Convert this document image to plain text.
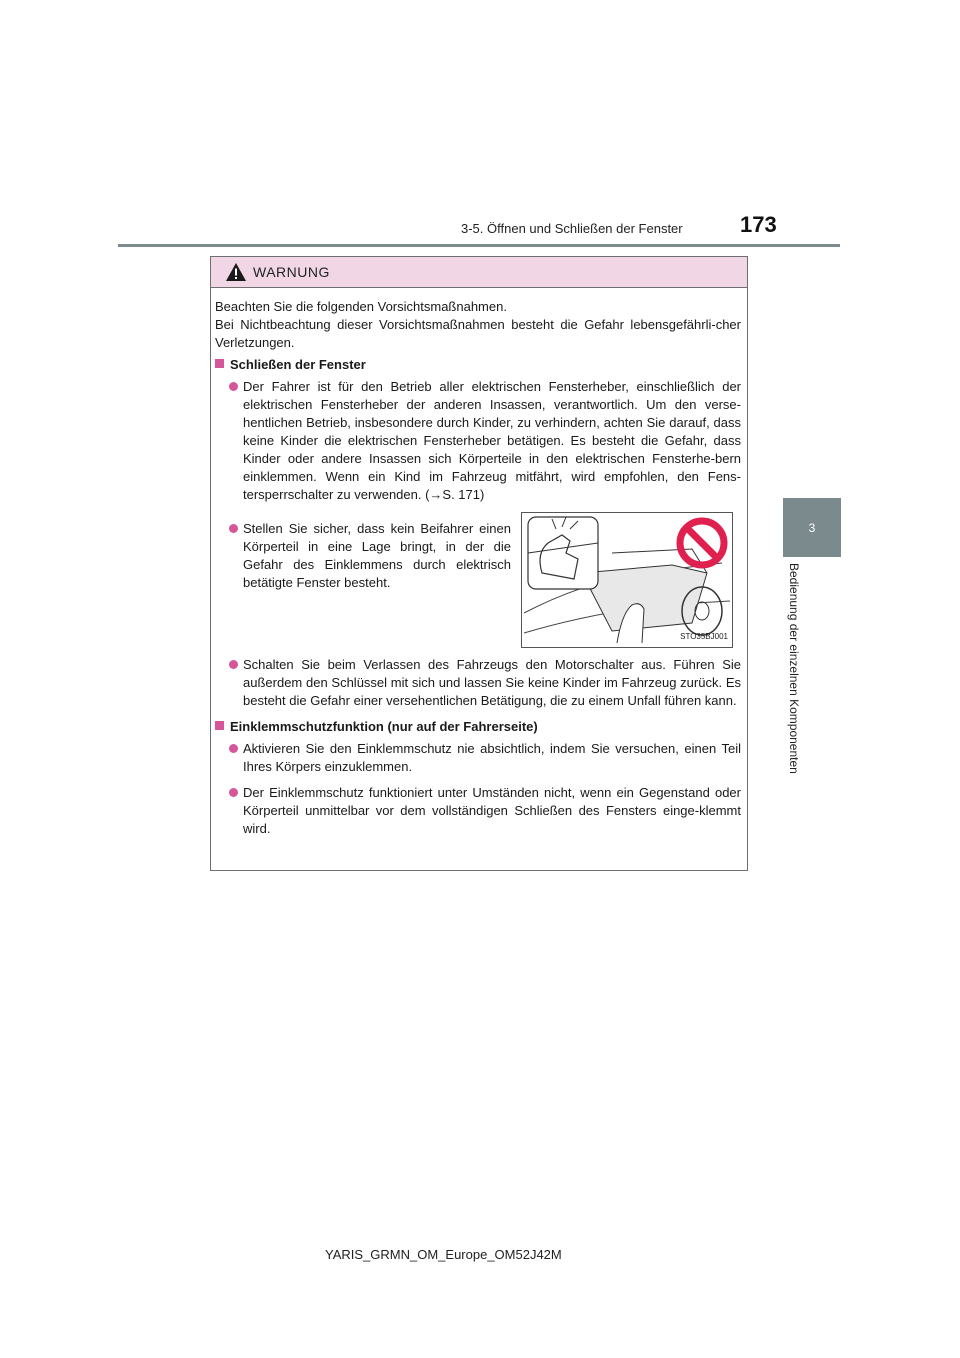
3-5. Öffnen und Schließen der Fenster	173
3
Bedienung der einzelnen Komponenten
WARNUNG

Beachten Sie die folgenden Vorsichtsmaßnahmen.

Bei Nichtbeachtung dieser Vorsichtsmaßnahmen besteht die Gefahr lebensgefährli-cher Verletzungen.

Schließen der Fenster
Der Fahrer ist für den Betrieb aller elektrischen Fensterheber, einschließlich der elektrischen Fensterheber der anderen Insassen, verantwortlich. Um den verse-hentlichen Betrieb, insbesondere durch Kinder, zu verhindern, achten Sie darauf, dass keine Kinder die elektrischen Fensterheber betätigen. Es besteht die Gefahr, dass Kinder oder andere Insassen sich Körperteile in den elektrischen Fensterhe-bern einklemmen. Wenn ein Kind im Fahrzeug mitfährt, wird empfohlen, den Fens-tersperrschalter zu verwenden. (→S. 171)
Stellen Sie sicher, dass kein Beifahrer einen Körperteil in eine Lage bringt, in der die Gefahr des Einklemmens durch elektrisch betätigte Fenster besteht.
STO35BJ001
Schalten Sie beim Verlassen des Fahrzeugs den Motorschalter aus. Führen Sie außerdem den Schlüssel mit sich und lassen Sie keine Kinder im Fahrzeug zurück. Es besteht die Gefahr einer versehentlichen Betätigung, die zu einem Unfall führen kann.
Einklemmschutzfunktion (nur auf der Fahrerseite)
Aktivieren Sie den Einklemmschutz nie absichtlich, indem Sie versuchen, einen Teil Ihres Körpers einzuklemmen.
Der Einklemmschutz funktioniert unter Umständen nicht, wenn ein Gegenstand oder Körperteil unmittelbar vor dem vollständigen Schließen des Fensters einge-klemmt wird.
YARIS_GRMN_OM_Europe_OM52J42M
